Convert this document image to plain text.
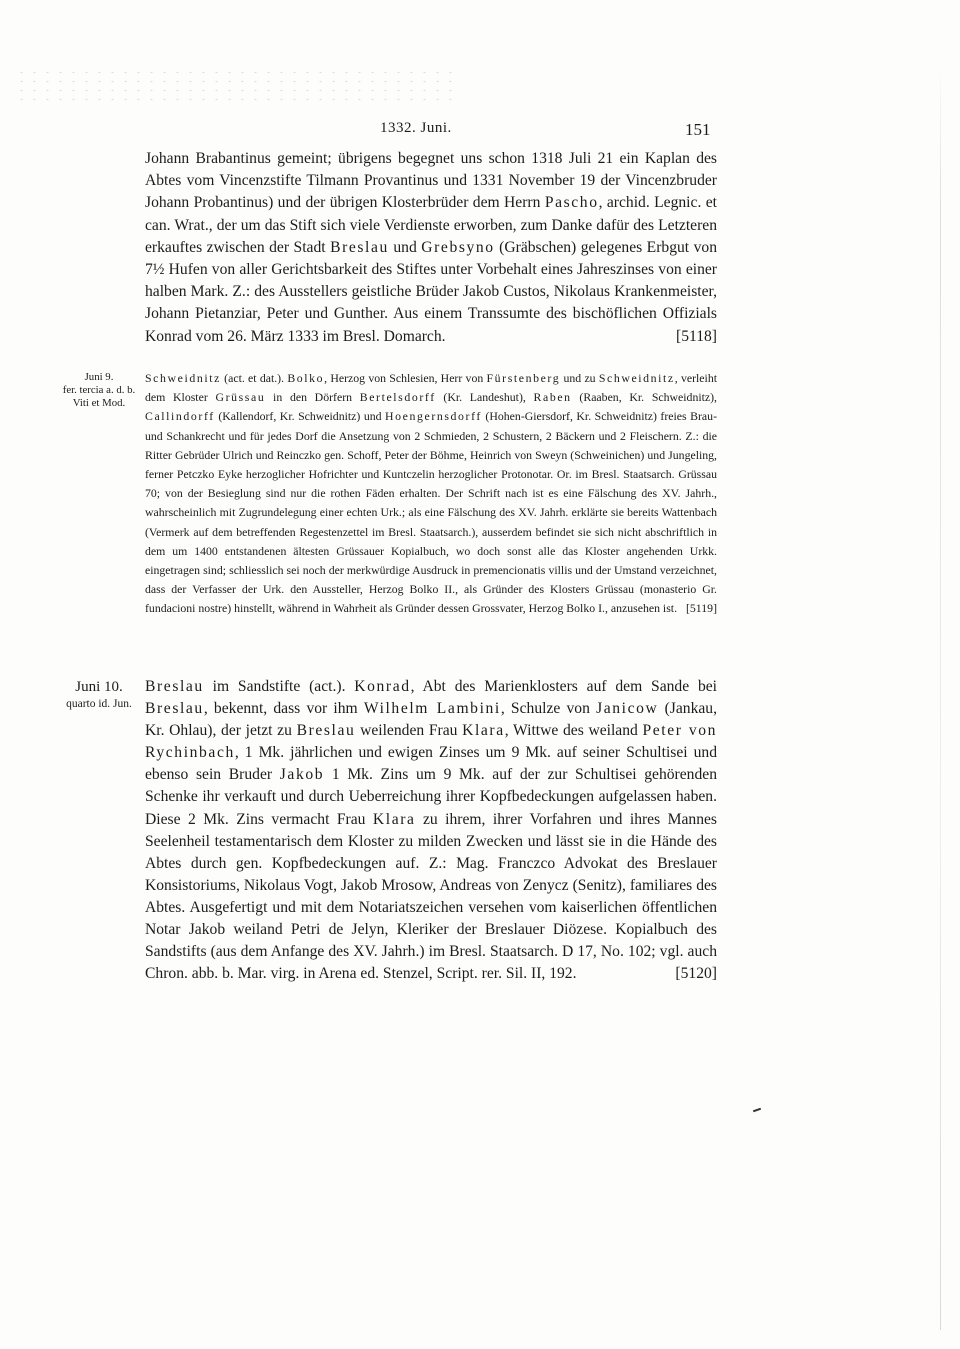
1332. Juni.	151
Johann Brabantinus gemeint; übrigens begegnet uns schon 1318 Juli 21 ein Kaplan des Abtes vom Vincenzstifte Tilmann Provantinus und 1331 November 19 der Vincenzbruder Johann Probantinus) und der übrigen Klosterbrüder dem Herrn Pascho, archid. Legnic. et can. Wrat., der um das Stift sich viele Verdienste erworben, zum Danke dafür des Letzteren erkauftes zwischen der Stadt Breslau und Grebsyno (Gräbschen) gelegenes Erbgut von 7½ Hufen von aller Gerichtsbarkeit des Stiftes unter Vorbehalt eines Jahreszinses von einer halben Mark. Z.: des Ausstellers geistliche Brüder Jakob Custos, Nikolaus Krankenmeister, Johann Pietanziar, Peter und Gunther. Aus einem Transsumte des bischöflichen Offizials Konrad vom 26. März 1333 im Bresl. Domarch.	[5118]
Juni 9.
fer. tercia a. d. b. Viti et Mod.
Schweidnitz (act. et dat.). Bolko, Herzog von Schlesien, Herr von Fürstenberg und zu Schweidnitz, verleiht dem Kloster Grüssau in den Dörfern Bertelsdorff (Kr. Landeshut), Raben (Raaben, Kr. Schweidnitz), Callindorff (Kallendorf, Kr. Schweidnitz) und Hoengernsdorff (Hohen-Giersdorf, Kr. Schweidnitz) freies Brau- und Schankrecht und für jedes Dorf die Ansetzung von 2 Schmieden, 2 Schustern, 2 Bäckern und 2 Fleischern. Z.: die Ritter Gebrüder Ulrich und Reinczko gen. Schoff, Peter der Böhme, Heinrich von Sweyn (Schweinichen) und Jungeling, ferner Petczko Eyke herzoglicher Hofrichter und Kuntczelin herzoglicher Protonotar. Or. im Bresl. Staatsarch. Grüssau 70; von der Besieglung sind nur die rothen Fäden erhalten. Der Schrift nach ist es eine Fälschung des XV. Jahrh., wahrscheinlich mit Zugrundelegung einer echten Urk.; als eine Fälschung des XV. Jahrh. erklärte sie bereits Wattenbach (Vermerk auf dem betreffenden Regestenzettel im Bresl. Staatsarch.), ausserdem befindet sie sich nicht abschriftlich in dem um 1400 entstandenen ältesten Grüssauer Kopialbuch, wo doch sonst alle das Kloster angehenden Urkk. eingetragen sind; schliesslich sei noch der merkwürdige Ausdruck in premencionatis villis und der Umstand verzeichnet, dass der Verfasser der Urk. den Aussteller, Herzog Bolko II., als Gründer des Klosters Grüssau (monasterio Gr. fundacioni nostre) hinstellt, während in Wahrheit als Gründer dessen Grossvater, Herzog Bolko I., anzusehen ist. [5119]
Juni 10.
quarto id. Jun.
Breslau im Sandstifte (act.). Konrad, Abt des Marienklosters auf dem Sande bei Breslau, bekennt, dass vor ihm Wilhelm Lambini, Schulze von Janicow (Jankau, Kr. Ohlau), der jetzt zu Breslau weilenden Frau Klara, Wittwe des weiland Peter von Rychinbach, 1 Mk. jährlichen und ewigen Zinses um 9 Mk. auf seiner Schultisei und ebenso sein Bruder Jakob 1 Mk. Zins um 9 Mk. auf der zur Schultisei gehörenden Schenke ihr verkauft und durch Ueberreichung ihrer Kopfbedeckungen aufgelassen haben. Diese 2 Mk. Zins vermacht Frau Klara zu ihrem, ihrer Vorfahren und ihres Mannes Seelenheil testamentarisch dem Kloster zu milden Zwecken und lässt sie in die Hände des Abtes durch gen. Kopfbedeckungen auf. Z.: Mag. Franczco Advokat des Breslauer Konsistoriums, Nikolaus Vogt, Jakob Mrosow, Andreas von Zenycz (Senitz), familiares des Abtes. Ausgefertigt und mit dem Notariatszeichen versehen vom kaiserlichen öffentlichen Notar Jakob weiland Petri de Jelyn, Kleriker der Breslauer Diözese. Kopialbuch des Sandstifts (aus dem Anfange des XV. Jahrh.) im Bresl. Staatsarch. D 17, No. 102; vgl. auch Chron. abb. b. Mar. virg. in Arena ed. Stenzel, Script. rer. Sil. II, 192.	[5120]
